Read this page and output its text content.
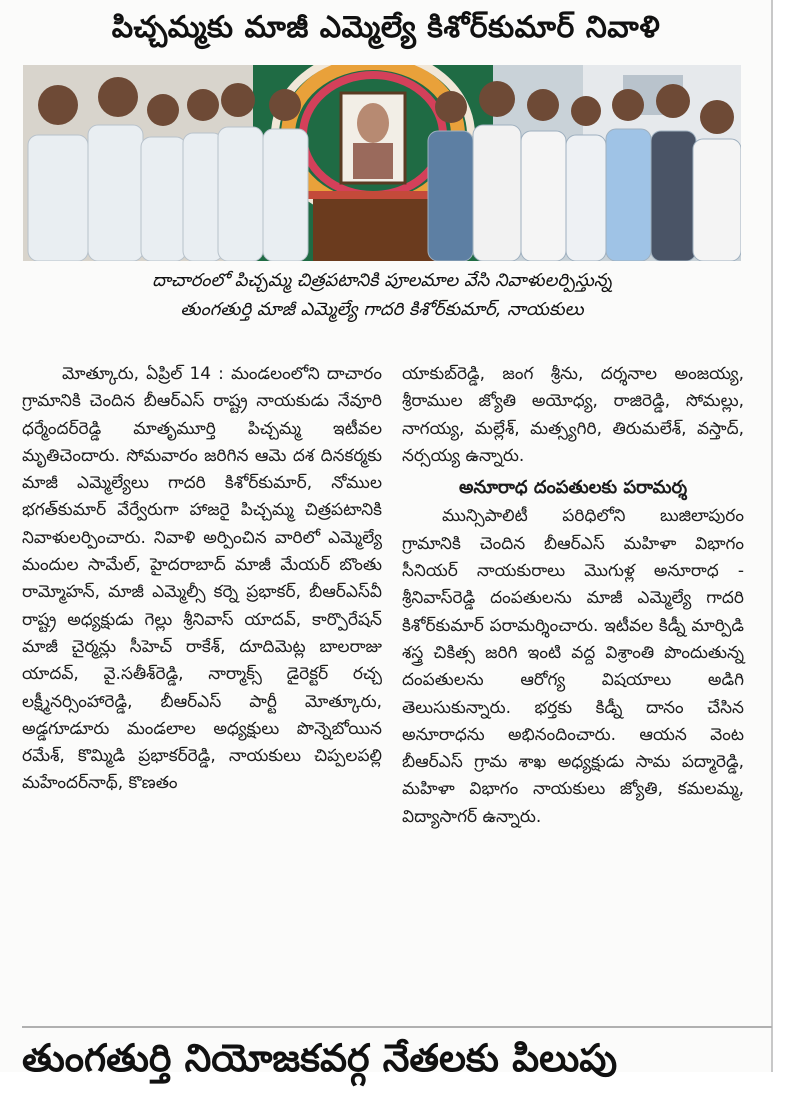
పిచ్చమ్మకు మాజీ ఎమ్మెల్యే కిశోర్‌కుమార్ నివాళి
దాచారంలో పిచ్చమ్మ చిత్రపటానికి పూలమాల వేసి నివాళులర్పిస్తున్న
తుంగతుర్తి మాజీ ఎమ్మెల్యే గాదరి కిశోర్‌కుమార్, నాయకులు

మోత్కూరు, ఏప్రిల్ 14 : మండలంలోని దాచారం గ్రామానికి చెందిన బీఆర్ఎస్ రాష్ట్ర నాయకుడు నేవూరి ధర్మేందర్‌రెడ్డి మాతృమూర్తి పిచ్చమ్మ ఇటీవల మృతిచెందారు. సోమవారం జరిగిన ఆమె దశ దినకర్మకు మాజీ ఎమ్మెల్యేలు గాదరి కిశోర్‌కుమార్, నోముల భగత్‌కుమార్ వేర్వేరుగా హాజరై పిచ్చమ్మ చిత్రపటానికి నివాళులర్పించారు. నివాళి అర్పించిన వారిలో ఎమ్మెల్యే మందుల సామేల్, హైదరాబాద్ మాజీ మేయర్ బొంతు రామ్మోహన్, మాజీ ఎమ్మెల్సీ కర్నె ప్రభాకర్, బీఆర్‌ఎస్‌వీ రాష్ట్ర అధ్యక్షుడు గెల్లు శ్రీనివాస్ యాదవ్, కార్పొరేషన్ మాజీ చైర్మన్లు సీహెచ్ రాకేశ్, దూదిమెట్ల బాలరాజు యాదవ్, వై.సతీశ్‌రెడ్డి, నార్మాక్స్ డైరెక్టర్ రచ్చ లక్ష్మీనర్సింహారెడ్డి, బీఆర్‌ఎస్ పార్టీ మోత్కూరు, అడ్డగూడూరు మండలాల అధ్యక్షులు పొన్నెబోయిన రమేశ్, కొమ్మిడి ప్రభాకర్‌రెడ్డి, నాయకులు చిప్పలపల్లి మహేందర్‌నాథ్, కొణతం

యాకుబ్‌రెడ్డి, జంగ శ్రీను, దర్శనాల అంజయ్య, శ్రీరాముల జ్యోతి అయోధ్య, రాజిరెడ్డి, సోమల్లు, నాగయ్య, మల్లేశ్, మత్స్యగిరి, తిరుమలేశ్, వస్తాద్, నర్సయ్య ఉన్నారు.

అనూరాధ దంపతులకు పరామర్శ

మున్సిపాలిటీ పరిధిలోని బుజిలాపురం గ్రామానికి చెందిన బీఆర్‌ఎస్ మహిళా విభాగం సీనియర్ నాయకురాలు మొగుళ్ల అనూరాధ - శ్రీనివాస్‌రెడ్డి దంపతులను మాజీ ఎమ్మెల్యే గాదరి కిశోర్‌కుమార్ పరామర్శించారు. ఇటీవల కిడ్నీ మార్పిడి శస్త్ర చికిత్స జరిగి ఇంటి వద్ద విశ్రాంతి పొందుతున్న దంపతులను ఆరోగ్య విషయాలు అడిగి తెలుసుకున్నారు. భర్తకు కిడ్నీ దానం చేసిన అనూరాధను అభినందించారు. ఆయన వెంట బీఆర్‌ఎస్ గ్రామ శాఖ అధ్యక్షుడు సామ పద్మారెడ్డి, మహిళా విభాగం నాయకులు జ్యోతి, కమలమ్మ, విద్యాసాగర్ ఉన్నారు.

తుంగతుర్తి నియోజకవర్గ నేతలకు పిలుపు
